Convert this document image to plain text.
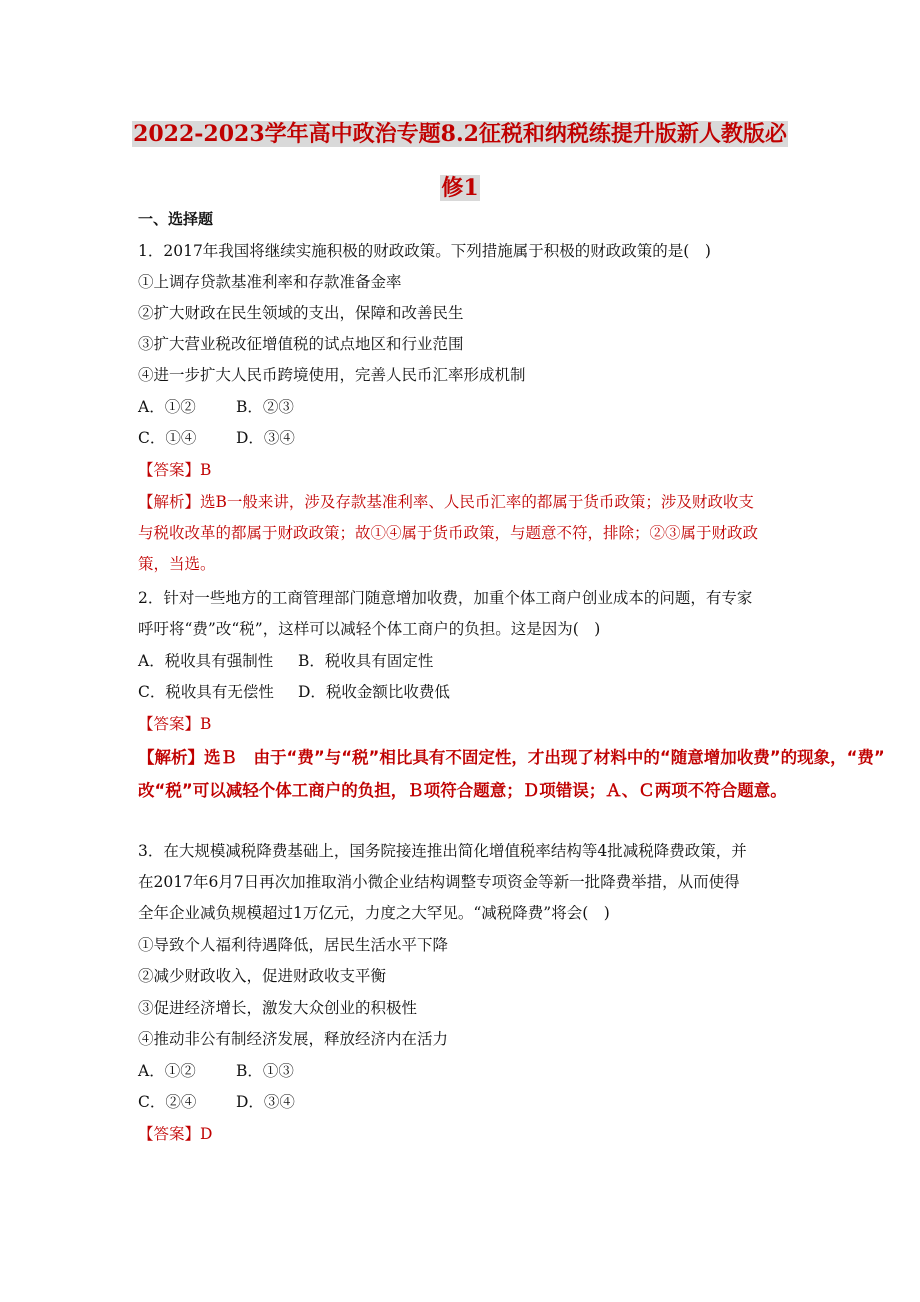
2022-2023学年高中政治专题8.2征税和纳税练提升版新人教版必
修1
一、选择题
1．2017年我国将继续实施积极的财政政策。下列措施属于积极的财政政策的是(　)
①上调存贷款基准利率和存款准备金率
②扩大财政在民生领域的支出，保障和改善民生
③扩大营业税改征增值税的试点地区和行业范围
④进一步扩大人民币跨境使用，完善人民币汇率形成机制
A．①②	B．②③
C．①④	D．③④
【答案】B
【解析】选B一般来讲，涉及存款基准利率、人民币汇率的都属于货币政策；涉及财政收支
与税收改革的都属于财政政策；故①④属于货币政策，与题意不符，排除；②③属于财政政
策，当选。
2．针对一些地方的工商管理部门随意增加收费，加重个体工商户创业成本的问题，有专家
呼吁将“费”改“税”，这样可以减轻个体工商户的负担。这是因为(　)
A．税收具有强制性 B．税收具有固定性
C．税收具有无偿性 D．税收金额比收费低
【答案】B
【解析】选Ｂ　由于“费”与“税”相比具有不固定性，才出现了材料中的“随意增加收费”的现象，“费”
改“税”可以减轻个体工商户的负担，Ｂ项符合题意；Ｄ项错误；Ａ、Ｃ两项不符合题意。
3．在大规模减税降费基础上，国务院接连推出简化增值税率结构等4批减税降费政策，并
在2017年6月7日再次加推取消小微企业结构调整专项资金等新一批降费举措，从而使得
全年企业减负规模超过1万亿元，力度之大罕见。“减税降费”将会(　)
①导致个人福利待遇降低，居民生活水平下降
②减少财政收入，促进财政收支平衡
③促进经济增长，激发大众创业的积极性
④推动非公有制经济发展，释放经济内在活力
A．①②	B．①③
C．②④	D．③④
【答案】D
